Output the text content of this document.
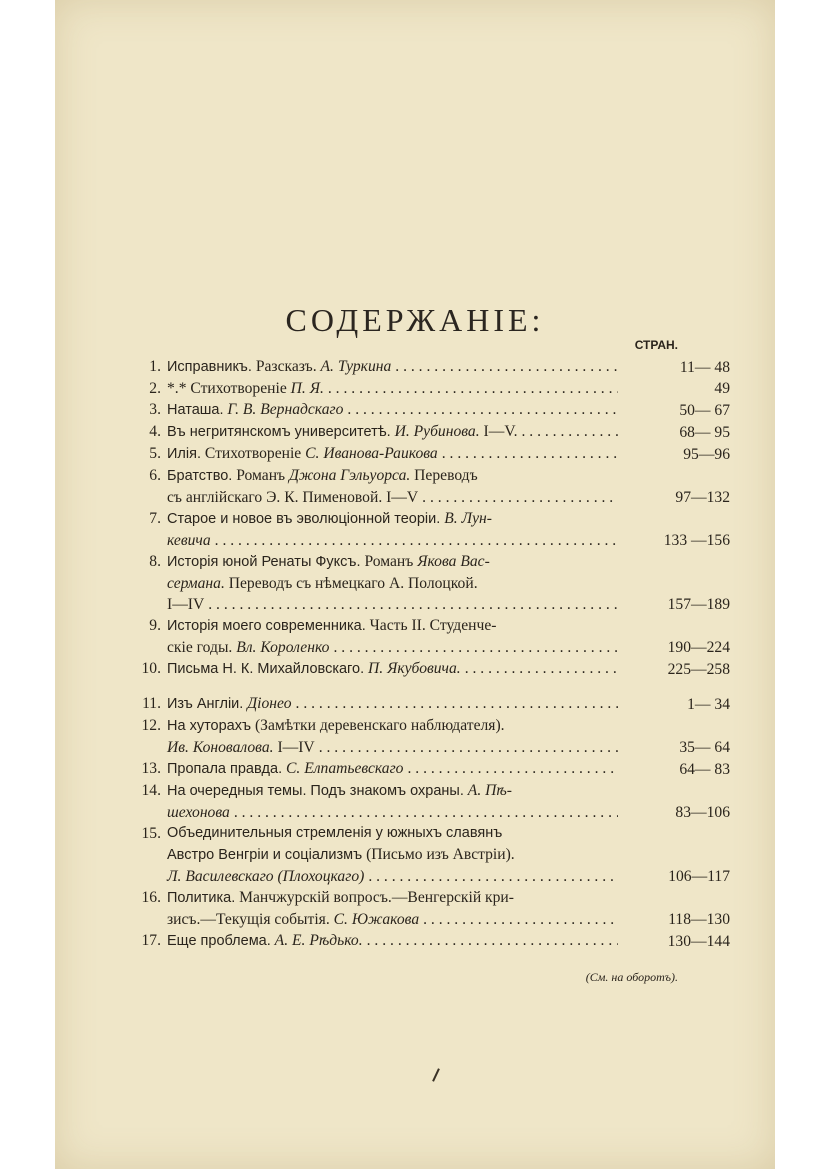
СОДЕРЖАНІЕ:
СТРАН.
1. Исправникъ. Разсказъ. А. Туркина . . .	11— 48
2. *.* Стихотвореніе П. Я. . . .	49
3. Наташа. Г. В. Вернадскаго . . .	50— 67
4. Въ негритянскомъ университетѣ. И. Рубинова. I—V. . . .	68— 95
5. Илія. Стихотвореніе С. Иванова-Раикова . . .	95—96
6. Братство. Романъ Джона Гэльуорса. Переводъ
съ англійскаго Э. К. Пименовой. I—V . . .	97—132
7. Старое и новое въ эволюціонной теоріи. В. Лун-
кевича . . .	133 —156
8. Исторія юной Ренаты Фуксъ. Романъ Якова Вас-
сермана. Переводъ съ нѣмецкаго А. Полоцкой.
I—IV . . .	157—189
9. Исторія моего современника. Часть II. Студенче-
скіе годы. Вл. Короленко . . .	190—224
10. Письма Н. К. Михайловскаго. П. Якубовича. . . .	225—258
11. Изъ Англіи. Діонео . . .	1— 34
12. На хуторахъ (Замѣтки деревенскаго наблюдателя).
Ив. Коновалова. I—IV . . .	35— 64
13. Пропала правда. С. Елпатьевскаго . . .	64— 83
14. На очередныя темы. Подъ знакомъ охраны. А. Пѣ-
шехонова . . .	83—106
15. Объединительныя стремленія у южныхъ славянъ
Австро Венгріи и соціализмъ (Письмо изъ Австріи).
Л. Василевскаго (Плохоцкаго) . . .	106—117
16. Политика. Манчжурскій вопросъ.—Венгерскій кри-
зисъ.—Текущія событія. С. Южакова . . .	118—130
17. Еще проблема. А. Е. Рѣдько. . . .	130—144
(См. на оборотъ).
